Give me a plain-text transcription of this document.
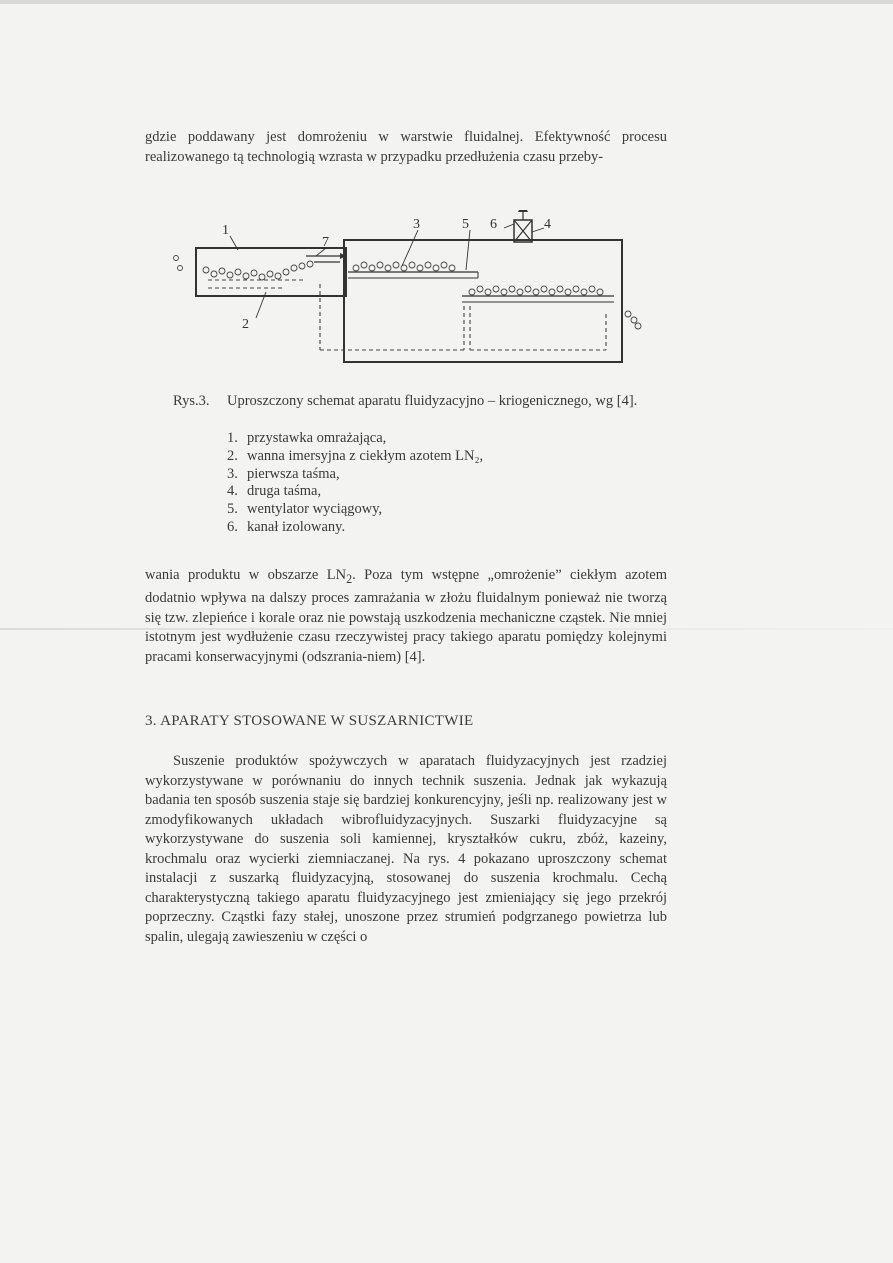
gdzie poddawany jest domrożeniu w warstwie fluidalnej. Efektywność procesu realizowanego tą technologią wzrasta w przypadku przedłużenia czasu przeby-

1
2
3	5 6	4
7
Rys.3.	Uproszczony schemat aparatu fluidyzacyjno – kriogenicznego, wg [4].
1. przystawka omrażająca,
2. wanna imersyjna z ciekłym azotem LN₂,
3. pierwsza taśma,
4. druga taśma,
5. wentylator wyciągowy,
6. kanał izolowany.

wania produktu w obszarze $LN_2$. Poza tym wstępne „omrożenie” ciekłym azotem dodatnio wpływa na dalszy proces zamrażania w złożu fluidalnym ponieważ nie tworzą się tzw. zlepieńce i korale oraz nie powstają uszkodzenia mechaniczne cząstek. Nie mniej istotnym jest wydłużenie czasu rzeczywistej pracy takiego aparatu pomiędzy kolejnymi pracami konserwacyjnymi (odszrania-niem) [4].

3. APARATY STOSOWANE W SUSZARNICTWIE

Suszenie produktów spożywczych w aparatach fluidyzacyjnych jest rzadziej wykorzystywane w porównaniu do innych technik suszenia. Jednak jak wykazują badania ten sposób suszenia staje się bardziej konkurencyjny, jeśli np. realizowany jest w zmodyfikowanych układach wibrofluidyzacyjnych. Suszarki fluidyzacyjne są wykorzystywane do suszenia soli kamiennej, kryształków cukru, zbóż, kazeiny, krochmalu oraz wycierki ziemniaczanej. Na rys. 4 pokazano uproszczony schemat instalacji z suszarką fluidyzacyjną, stosowanej do suszenia krochmalu. Cechą charakterystyczną takiego aparatu fluidyzacyjnego jest zmieniający się jego przekrój poprzeczny. Cząstki fazy stałej, unoszone przez strumień podgrzanego powietrza lub spalin, ulegają zawieszeniu w części o
